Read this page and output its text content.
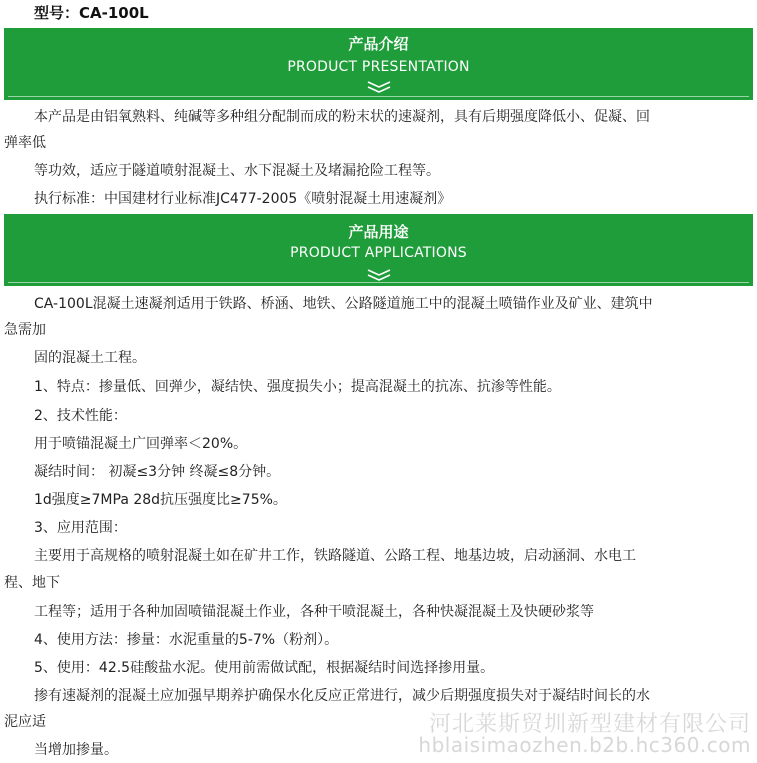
型号：CA-100L
产品介绍
PRODUCT PRESENTATION
本产品是由铝氧熟料、纯碱等多种组分配制而成的粉末状的速凝剂，具有后期强度降低小、促凝、回
弹率低
等功效，适应于隧道喷射混凝土、水下混凝土及堵漏抢险工程等。
执行标准：中国建材行业标准JC477-2005《喷射混凝土用速凝剂》
产品用途
PRODUCT APPLICATIONS
CA-100L混凝土速凝剂适用于铁路、桥涵、地铁、公路隧道施工中的混凝土喷锚作业及矿业、建筑中
急需加
固的混凝土工程。
1、特点：掺量低、回弹少，凝结快、强度损失小；提高混凝土的抗冻、抗渗等性能。
2、技术性能：
用于喷锚混凝土广回弹率＜20%。
凝结时间： 初凝≤3分钟 终凝≤8分钟。
1d强度≥7MPa 28d抗压强度比≥75%。
3、应用范围：
主要用于高规格的喷射混凝土如在矿井工作，铁路隧道、公路工程、地基边坡，启动涵洞、水电工
程、地下
工程等；适用于各种加固喷锚混凝土作业，各种干喷混凝土，各种快凝混凝土及快硬砂浆等
4、使用方法：掺量：水泥重量的5-7%（粉剂）。
5、使用：42.5硅酸盐水泥。使用前需做试配，根据凝结时间选择掺用量。
掺有速凝剂的混凝土应加强早期养护确保水化反应正常进行，减少后期强度损失对于凝结时间长的水
泥应适
当增加掺量。
河北莱斯贸圳新型建材有限公司
hblaisimaozhen.b2b.hc360.com
